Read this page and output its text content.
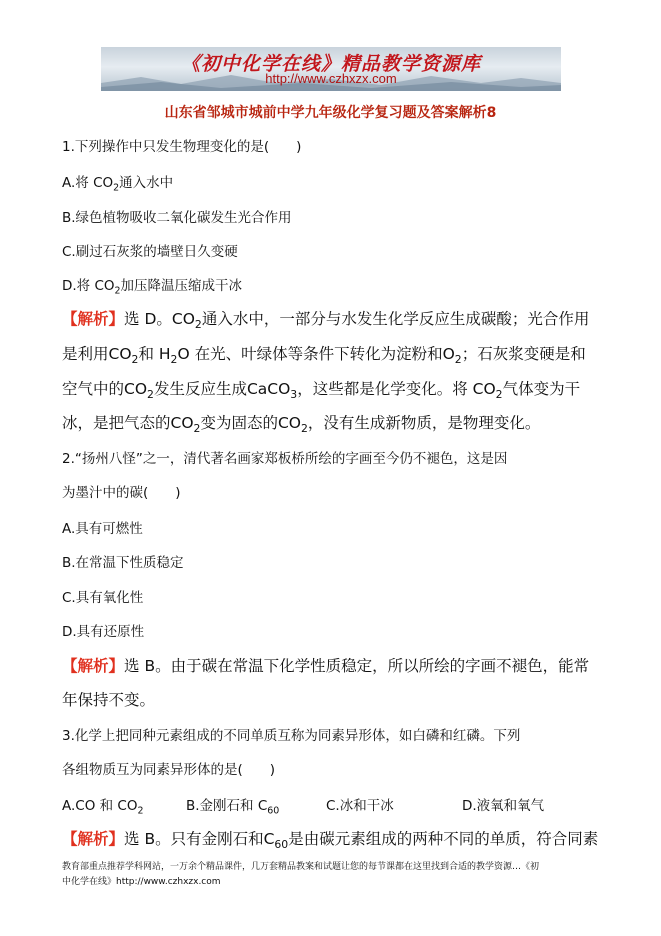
《初中化学在线》精品教学资源库
http://www.czhxzx.com
山东省邹城市城前中学九年级化学复习题及答案解析8
1.下列操作中只发生物理变化的是(　　)
A.将 $CO_2$通入水中
B.绿色植物吸收二氧化碳发生光合作用
C.刷过石灰浆的墙壁日久变硬
D.将 $CO_2$加压降温压缩成干冰
【解析】选 D。$CO_2$通入水中，一部分与水发生化学反应生成碳酸；光合作用
是利用$CO_2$和 $H_2O$ 在光、叶绿体等条件下转化为淀粉和$O_2$；石灰浆变硬是和
空气中的$CO_2$发生反应生成CaCO$_3$，这些都是化学变化。将 $CO_2$气体变为干
冰，是把气态的$CO_2$变为固态的$CO_2$，没有生成新物质，是物理变化。
2.“扬州八怪”之一，清代著名画家郑板桥所绘的字画至今仍不褪色，这是因
为墨汁中的碳(　　)
A.具有可燃性
B.在常温下性质稳定
C.具有氧化性
D.具有还原性
【解析】选 B。由于碳在常温下化学性质稳定，所以所绘的字画不褪色，能常
年保持不变。
3.化学上把同种元素组成的不同单质互称为同素异形体，如白磷和红磷。下列
各组物质互为同素异形体的是(　　)
A.CO 和 $CO_2$	B.金刚石和 $C_{60}$	C.冰和干冰	D.液氧和氧气
【解析】选 B。只有金刚石和$C_{60}$是由碳元素组成的两种不同的单质，符合同素
教育部重点推荐学科网站，一万余个精品课件，几万套精品教案和试题让您的每节课都在这里找到合适的教学资源…《初
中化学在线》http://www.czhxzx.com
